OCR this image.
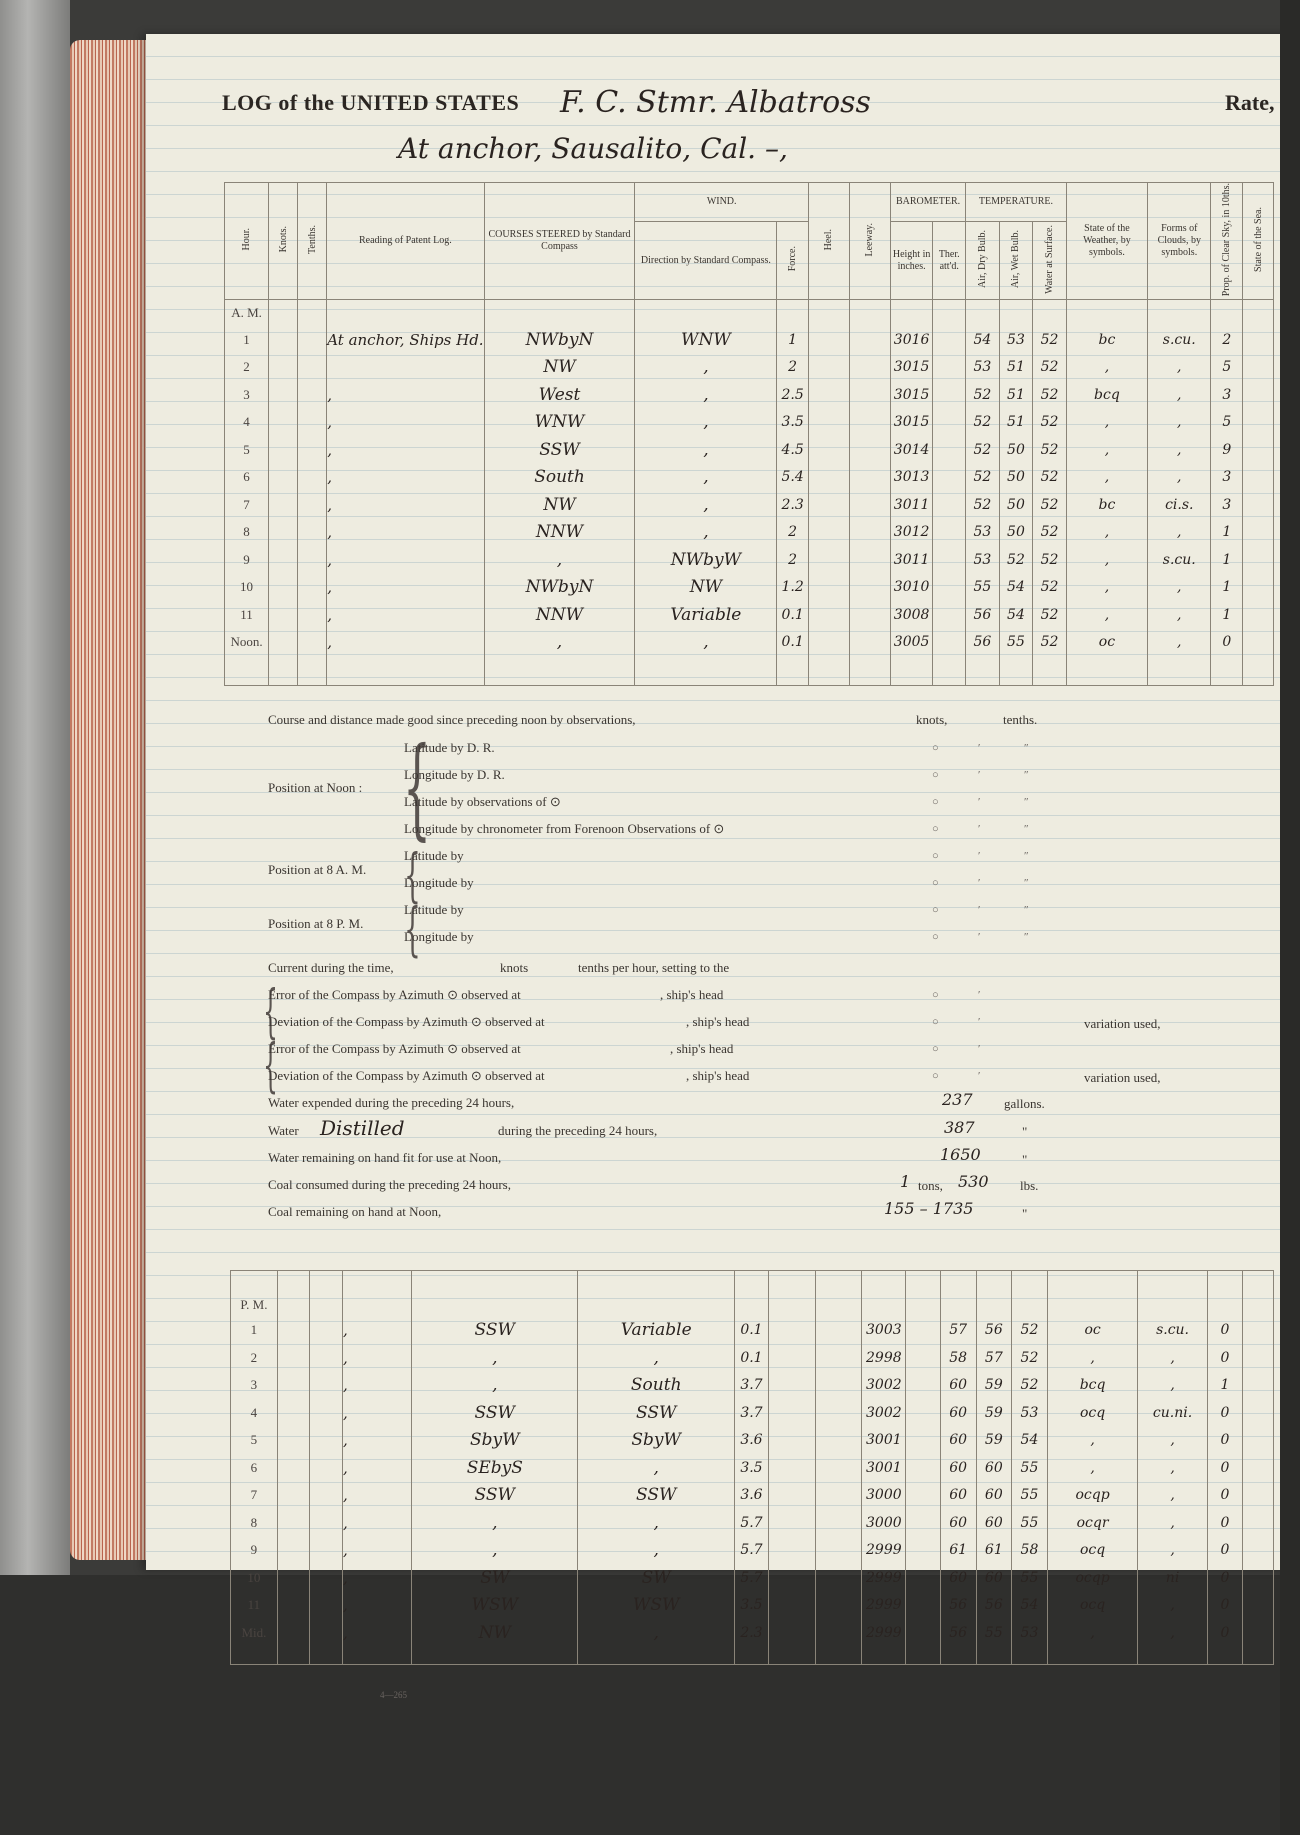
LOG of the UNITED STATES F. C. Stmr. Albatross	Rate,
At anchor, Sausalito, Cal. –,
Hour.	Knots.	Tenths.	Reading of Patent Log.	COURSES STEERED by Standard Compass	WIND.		Heel.	Leeway.	BAROMETER.		TEMPERATURE.			State of the Weather, by symbols.	Forms of Clouds, by symbols.	Prop. of Clear Sky, in 10ths.	State of the Sea.
					Direction by Standard Compass.	Force.			Height in inches.	Ther. att'd.	Air, Dry Bulb.	Air, Wet Bulb.	Water at Surface.				
A. M.																	
1			At anchor, Ships Hd.	NWbyN	WNW	1			3016		54	53	52	bc	s.cu.	2	
2				NW	,	2			3015		53	51	52	,	,	5	
3			,	West	,	2.5			3015		52	51	52	bcq	,	3	
4			,	WNW	,	3.5			3015		52	51	52	,	,	5	
5			,	SSW	,	4.5			3014		52	50	52	,	,	9	
6			,	South	,	5.4			3013		52	50	52	,	,	3	
7			,	NW	,	2.3			3011		52	50	52	bc	ci.s.	3	
8			,	NNW	,	2			3012		53	50	52	,	,	1	
9			,	,	NWbyW	2			3011		53	52	52	,	s.cu.	1	
10			,	NWbyN	NW	1.2			3010		55	54	52	,	,	1	
11			,	NNW	Variable	0.1			3008		56	54	52	,	,	1	
Noon.			,	,	,	0.1			3005		56	55	52	oc	,	0	

Course and distance made good since preceding noon by observations,	knots,	tenths.
Position at Noon : {
Latitude by D. R.
Longitude by D. R.
Latitude by observations of ⊙
Longitude by chronometer from Forenoon Observations of ⊙
Position at 8 A. M. {
Latitude by
Longitude by
Position at 8 P. M. {
Latitude by
Longitude by
○	′	″
○	′	″
○	′	″
○	′	″
○	′	″
○	′	″
○	′	″
○	′	″
○	′
○	′
○	′
○	′
Current during the time,	knots	tenths per hour, setting to the
{
Error of the Compass by Azimuth ⊙ observed at	, ship's head
Deviation of the Compass by Azimuth ⊙ observed at	, ship's head	variation used,
{
Error of the Compass by Azimuth ⊙ observed at	, ship's head
Deviation of the Compass by Azimuth ⊙ observed at	, ship's head	variation used,
Water expended during the preceding 24 hours,	237 gallons.
Water Distilled	during the preceding 24 hours,	387	"
Water remaining on hand fit for use at Noon,	1650	"
Coal consumed during the preceding 24 hours,	1 tons, 530 lbs.
Coal remaining on hand at Noon,	155 – 1735	"

P. M.																	
1			,	SSW	Variable	0.1			3003		57	56	52	oc	s.cu.	0	
2			,	,	,	0.1			2998		58	57	52	,	,	0	
3			,	,	South	3.7			3002		60	59	52	bcq	,	1	
4			,	SSW	SSW	3.7			3002		60	59	53	ocq	cu.ni.	0	
5			,	SbyW	SbyW	3.6			3001		60	59	54	,	,	0	
6			,	SEbyS	,	3.5			3001		60	60	55	,	,	0	
7			,	SSW	SSW	3.6			3000		60	60	55	ocqp	,	0	
8			,	,	,	5.7			3000		60	60	55	ocqr	,	0	
9			,	,	,	5.7			2999		61	61	58	ocq	,	0	
10			,	SW	SW	5.7			2999		60	60	55	ocqp	ni	0	
11			,	WSW	WSW	3.5			2999		56	56	54	ocq	,	0	
Mid.			,	NW	,	2.3			2999		56	55	53	,	,	0	

4—265
